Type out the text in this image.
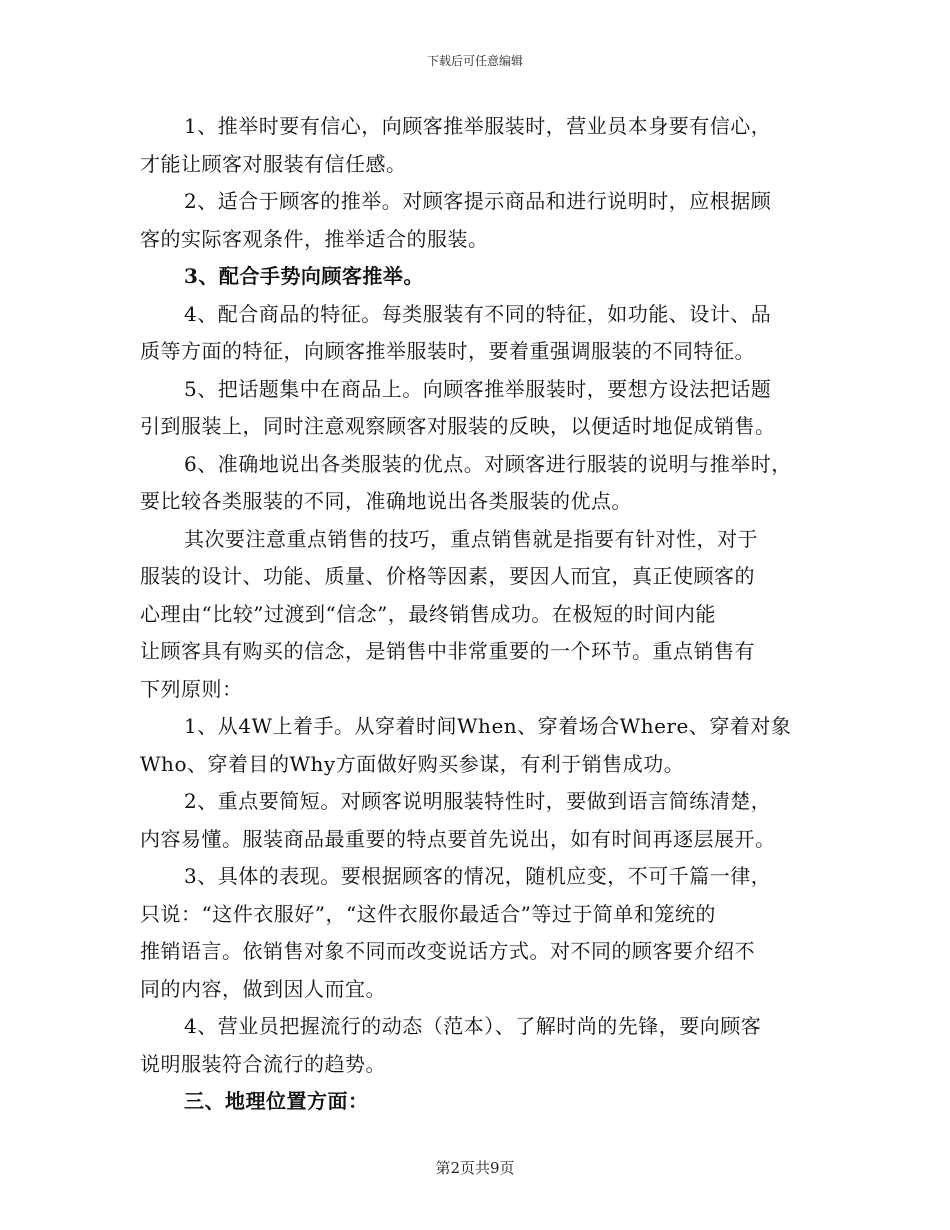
下载后可任意编辑

1、推举时要有信心，向顾客推举服装时，营业员本身要有信心，

才能让顾客对服装有信任感。

2、适合于顾客的推举。对顾客提示商品和进行说明时，应根据顾

客的实际客观条件，推举适合的服装。

3、配合手势向顾客推举。

4、配合商品的特征。每类服装有不同的特征，如功能、设计、品

质等方面的特征，向顾客推举服装时，要着重强调服装的不同特征。

5、把话题集中在商品上。向顾客推举服装时，要想方设法把话题

引到服装上，同时注意观察顾客对服装的反映，以便适时地促成销售。

6、准确地说出各类服装的优点。对顾客进行服装的说明与推举时，

要比较各类服装的不同，准确地说出各类服装的优点。

其次要注意重点销售的技巧，重点销售就是指要有针对性，对于

服装的设计、功能、质量、价格等因素，要因人而宜，真正使顾客的

心理由“比较”过渡到“信念”，最终销售成功。在极短的时间内能

让顾客具有购买的信念，是销售中非常重要的一个环节。重点销售有

下列原则：

1、从4W上着手。从穿着时间When、穿着场合Where、穿着对象

Who、穿着目的Why方面做好购买参谋，有利于销售成功。

2、重点要简短。对顾客说明服装特性时，要做到语言简练清楚，

内容易懂。服装商品最重要的特点要首先说出，如有时间再逐层展开。

3、具体的表现。要根据顾客的情况，随机应变，不可千篇一律，

只说：“这件衣服好”，“这件衣服你最适合”等过于简单和笼统的

推销语言。依销售对象不同而改变说话方式。对不同的顾客要介绍不

同的内容，做到因人而宜。

4、营业员把握流行的动态（范本）、了解时尚的先锋，要向顾客

说明服装符合流行的趋势。

三、地理位置方面：

第2页共9页
